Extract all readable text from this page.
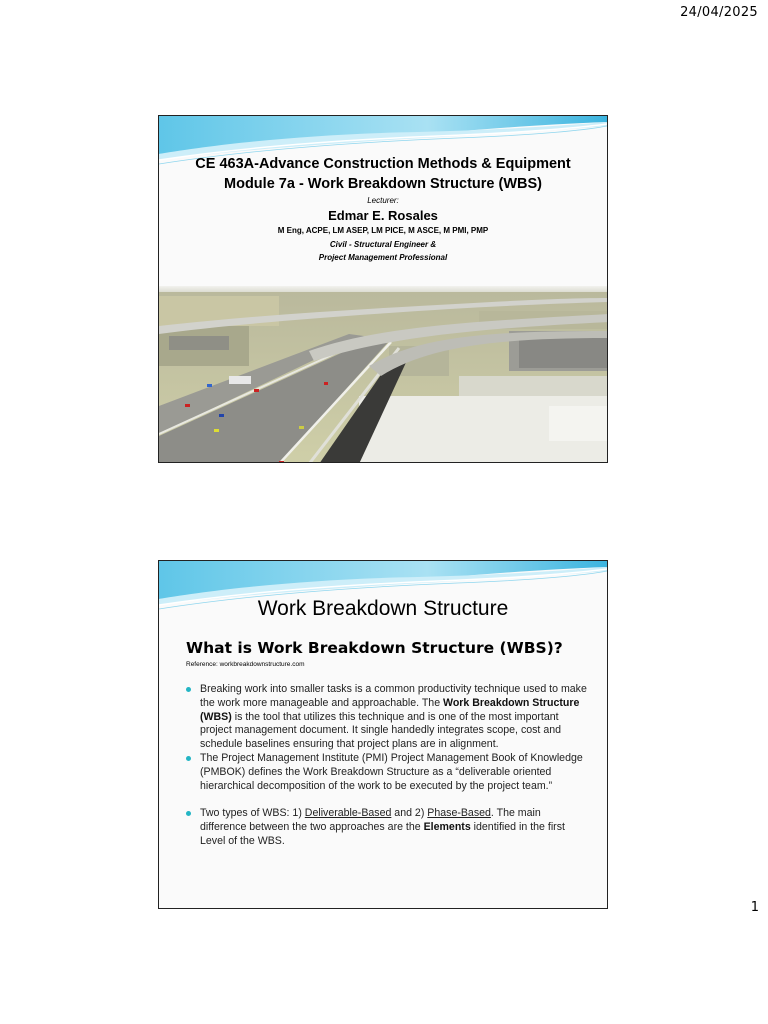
24/04/2025
CE 463A-Advance Construction Methods & Equipment
Module 7a - Work Breakdown Structure (WBS)
Lecturer:
Edmar E. Rosales
M Eng, ACPE, LM ASEP, LM PICE, M ASCE, M PMI, PMP
Civil - Structural Engineer &
Project Management Professional
Work Breakdown Structure
What is Work Breakdown Structure (WBS)?
Reference: workbreakdownstructure.com
Breaking work into smaller tasks is a common productivity technique used to make the work more manageable and approachable. The Work Breakdown Structure (WBS) is the tool that utilizes this technique and is one of the most important project management document. It single handedly integrates scope, cost and schedule baselines ensuring that project plans are in alignment.
The Project Management Institute (PMI) Project Management Book of Knowledge (PMBOK) defines the Work Breakdown Structure as a “deliverable oriented hierarchical decomposition of the work to be executed by the project team.”
Two types of WBS: 1) Deliverable-Based and 2) Phase-Based. The main difference between the two approaches are the Elements identified in the first Level of the WBS.
1
